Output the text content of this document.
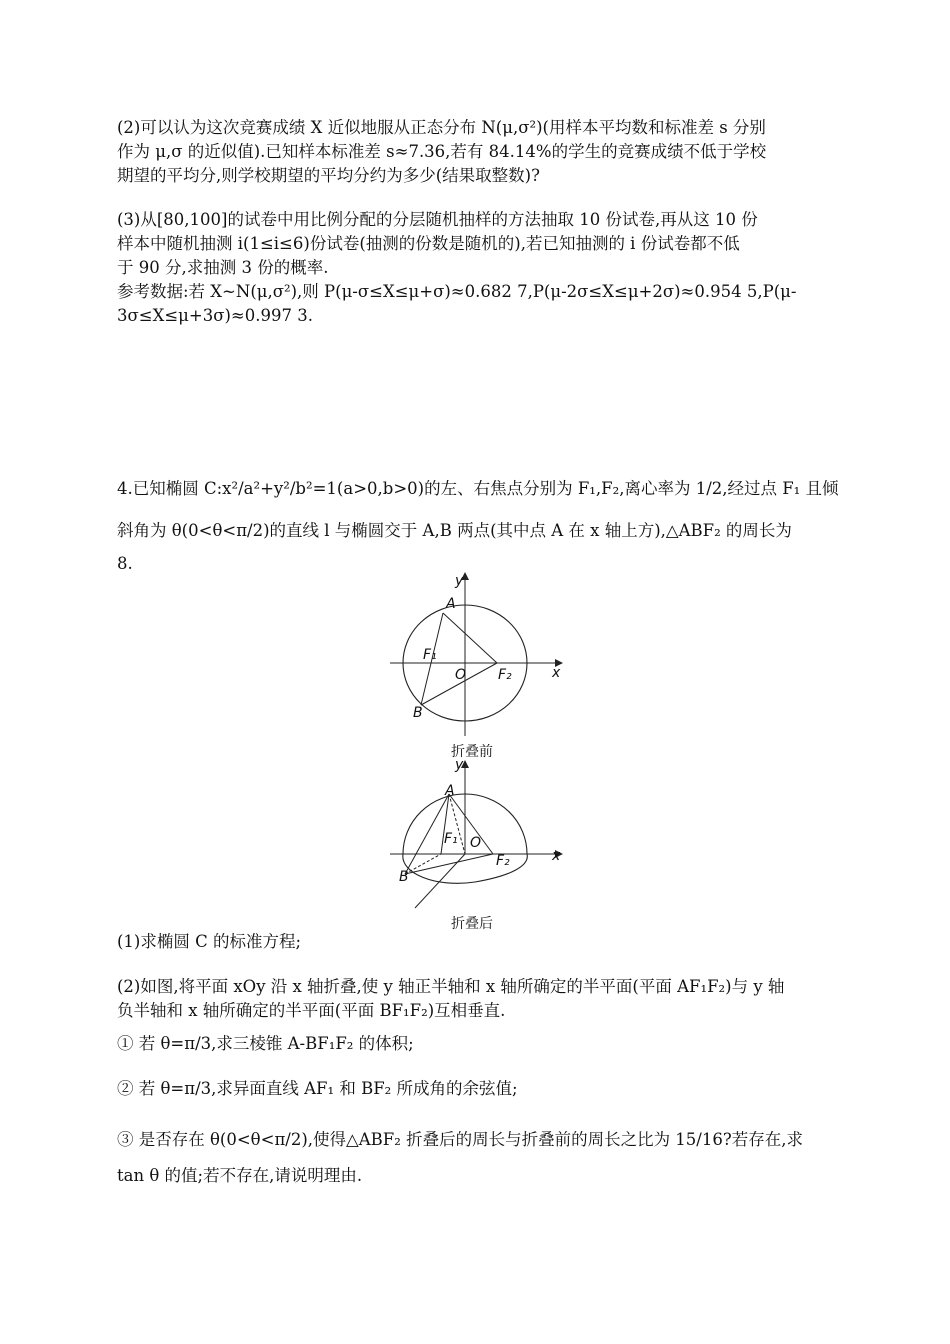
(2)可以认为这次竞赛成绩 X 近似地服从正态分布 N(μ,σ²)(用样本平均数和标准差 s 分别
作为 μ,σ 的近似值).已知样本标准差 s≈7.36,若有 84.14%的学生的竞赛成绩不低于学校
期望的平均分,则学校期望的平均分约为多少(结果取整数)?
(3)从[80,100]的试卷中用比例分配的分层随机抽样的方法抽取 10 份试卷,再从这 10 份
样本中随机抽测 i(1≤i≤6)份试卷(抽测的份数是随机的),若已知抽测的 i 份试卷都不低
于 90 分,求抽测 3 份的概率.
参考数据:若 X~N(μ,σ²),则 P(μ-σ≤X≤μ+σ)≈0.682 7,P(μ-2σ≤X≤μ+2σ)≈0.954 5,P(μ-
3σ≤X≤μ+3σ)≈0.997 3.
4.已知椭圆 C:x²/a²+y²/b²=1(a>0,b>0)的左、右焦点分别为 F₁,F₂,离心率为 1/2,经过点 F₁ 且倾
斜角为 θ(0<θ<π/2)的直线 l 与椭圆交于 A,B 两点(其中点 A 在 x 轴上方),△ABF₂ 的周长为
8.
y
x
A
B
O
F₁
F₂
折叠前
y
x
A
B
O
F₁
F₂
折叠后
(1)求椭圆 C 的标准方程;
(2)如图,将平面 xOy 沿 x 轴折叠,使 y 轴正半轴和 x 轴所确定的半平面(平面 AF₁F₂)与 y 轴
负半轴和 x 轴所确定的半平面(平面 BF₁F₂)互相垂直.
① 若 θ=π/3,求三棱锥 A-BF₁F₂ 的体积;
② 若 θ=π/3,求异面直线 AF₁ 和 BF₂ 所成角的余弦值;
③ 是否存在 θ(0<θ<π/2),使得△ABF₂ 折叠后的周长与折叠前的周长之比为 15/16?若存在,求
tan θ 的值;若不存在,请说明理由.
